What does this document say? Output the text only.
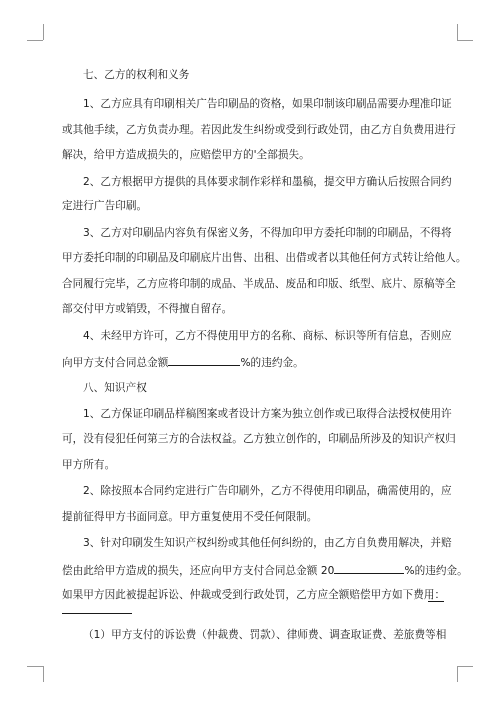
七、乙方的权利和义务
1、乙方应具有印刷相关广告印刷品的资格，如果印制该印刷品需要办理准印证
或其他手续，乙方负责办理。若因此发生纠纷或受到行政处罚，由乙方自负费用进行
解决，给甲方造成损失的，应赔偿甲方的'全部损失。
2、乙方根据甲方提供的具体要求制作彩样和墨稿，提交甲方确认后按照合同约
定进行广告印刷。
3、乙方对印刷品内容负有保密义务，不得加印甲方委托印制的印刷品，不得将
甲方委托印制的印刷品及印刷底片出售、出租、出借或者以其他任何方式转让给他人。
合同履行完毕，乙方应将印制的成品、半成品、废品和印版、纸型、底片、原稿等全
部交付甲方或销毁，不得擅自留存。
4、未经甲方许可，乙方不得使用甲方的名称、商标、标识等所有信息，否则应
向甲方支付合同总金额	%的违约金。
八、知识产权
1、乙方保证印刷品样稿图案或者设计方案为独立创作或已取得合法授权使用许
可，没有侵犯任何第三方的合法权益。乙方独立创作的，印刷品所涉及的知识产权归
甲方所有。
2、除按照本合同约定进行广告印刷外，乙方不得使用印刷品，确需使用的，应
提前征得甲方书面同意。甲方重复使用不受任何限制。
3、针对印刷发生知识产权纠纷或其他任何纠纷的，由乙方自负费用解决，并赔
偿由此给甲方造成的损失，还应向甲方支付合同总金额 20	%的违约金。
如果甲方因此被提起诉讼、仲裁或受到行政处罚，乙方应全额赔偿甲方如下费用：
（1）甲方支付的诉讼费（仲裁费、罚款）、律师费、调查取证费、差旅费等相
